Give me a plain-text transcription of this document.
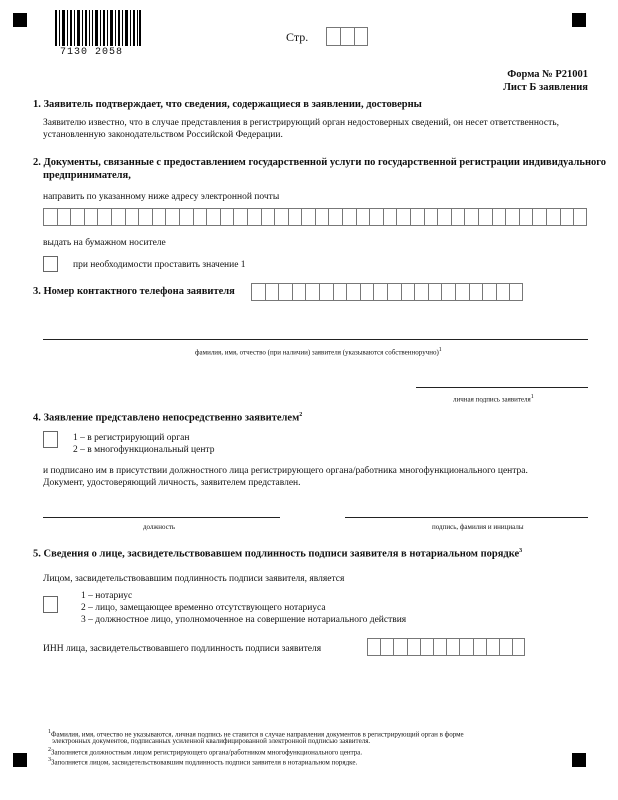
7130 2058
Стр.
Форма № Р21001
Лист Б заявления
1. Заявитель подтверждает, что сведения, содержащиеся в заявлении, достоверны
Заявителю известно, что в случае представления в регистрирующий орган недостоверных сведений, он несет ответственность,
установленную законодательством Российской Федерации.
2. Документы, связанные с предоставлением государственной услуги по государственной регистрации индивидуального
предпринимателя,
направить по указанному ниже адресу электронной почты
выдать на бумажном носителе
при необходимости проставить значение 1
3. Номер контактного телефона заявителя
фамилия, имя, отчество (при наличии) заявителя (указываются собственноручно)$^1$
личная подпись заявителя$^1$
4. Заявление представлено непосредственно заявителем$^2$
1 – в регистрирующий орган
2 – в многофункциональный центр
и подписано им в присутствии должностного лица регистрирующего органа/работника многофункционального центра.
Документ, удостоверяющий личность, заявителем представлен.
должность	подпись, фамилия и инициалы
5. Сведения о лице, засвидетельствовавшем подлинность подписи заявителя в нотариальном порядке$^3$
Лицом, засвидетельствовавшим подлинность подписи заявителя, является
1 – нотариус
2 – лицо, замещающее временно отсутствующего нотариуса
3 – должностное лицо, уполномоченное на совершение нотариального действия
ИНН лица, засвидетельствовавшего подлинность подписи заявителя
$^1$Фамилия, имя, отчество не указываются, личная подпись не ставится в случае направления документов в регистрирующий орган в форме
электронных документов, подписанных усиленной квалифицированной электронной подписью заявителя.
$^2$Заполняется должностным лицом регистрирующего органа/работником многофункционального центра.
$^3$Заполняется лицом, засвидетельствовавшим подлинность подписи заявителя в нотариальном порядке.
